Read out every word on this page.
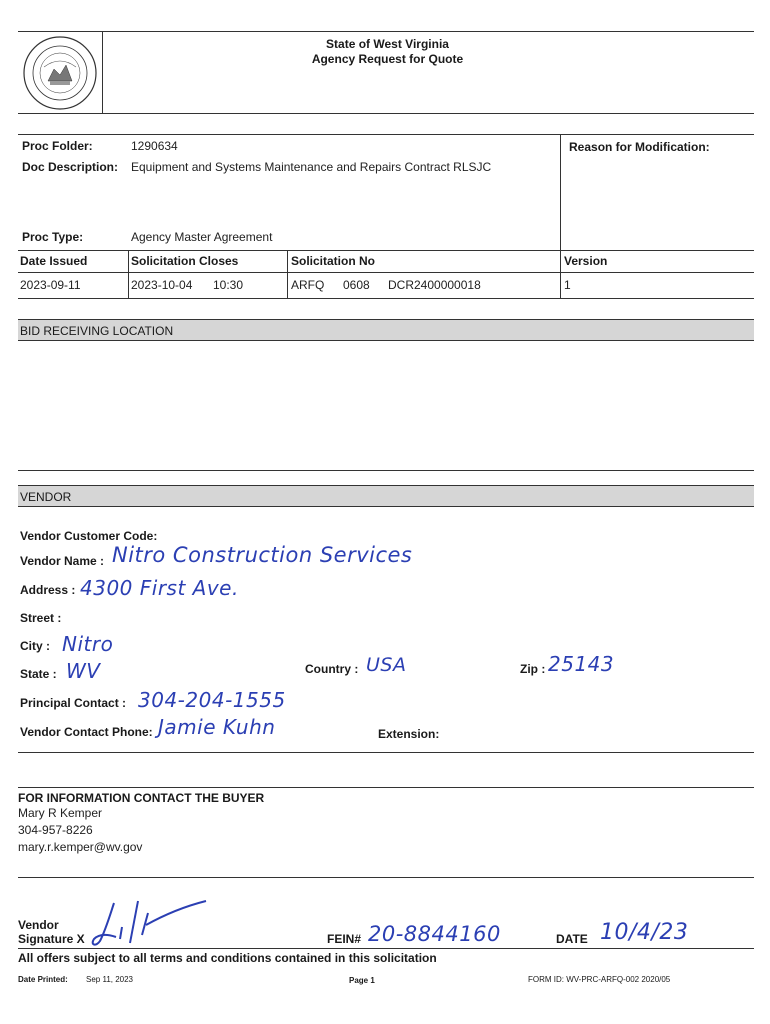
State of West Virginia
Agency Request for Quote
Proc Folder:	1290634	Reason for Modification:
Doc Description: Equipment and Systems Maintenance and Repairs Contract RLSJC
Proc Type:	Agency Master Agreement
Date Issued	Solicitation Closes	Solicitation No	Version
2023-09-11	2023-10-04 10:30	ARFQ 0608 DCR2400000018	1
BID RECEIVING LOCATION
VENDOR
Vendor Customer Code:
Vendor Name : Nitro Construction Services
Address : 4300 First Ave.
Street :
City : Nitro
State : WV	Country : USA	Zip : 25143
Principal Contact : 304-204-1555
Vendor Contact Phone: Jamie Kuhn	Extension:
FOR INFORMATION CONTACT THE BUYER
Mary R Kemper
304-957-8226
mary.r.kemper@wv.gov
Vendor
Signature X	FEIN# 20-8844160	DATE 10/4/23
All offers subject to all terms and conditions contained in this solicitation
Date Printed: Sep 11, 2023	Page 1	FORM ID: WV-PRC-ARFQ-002 2020/05
